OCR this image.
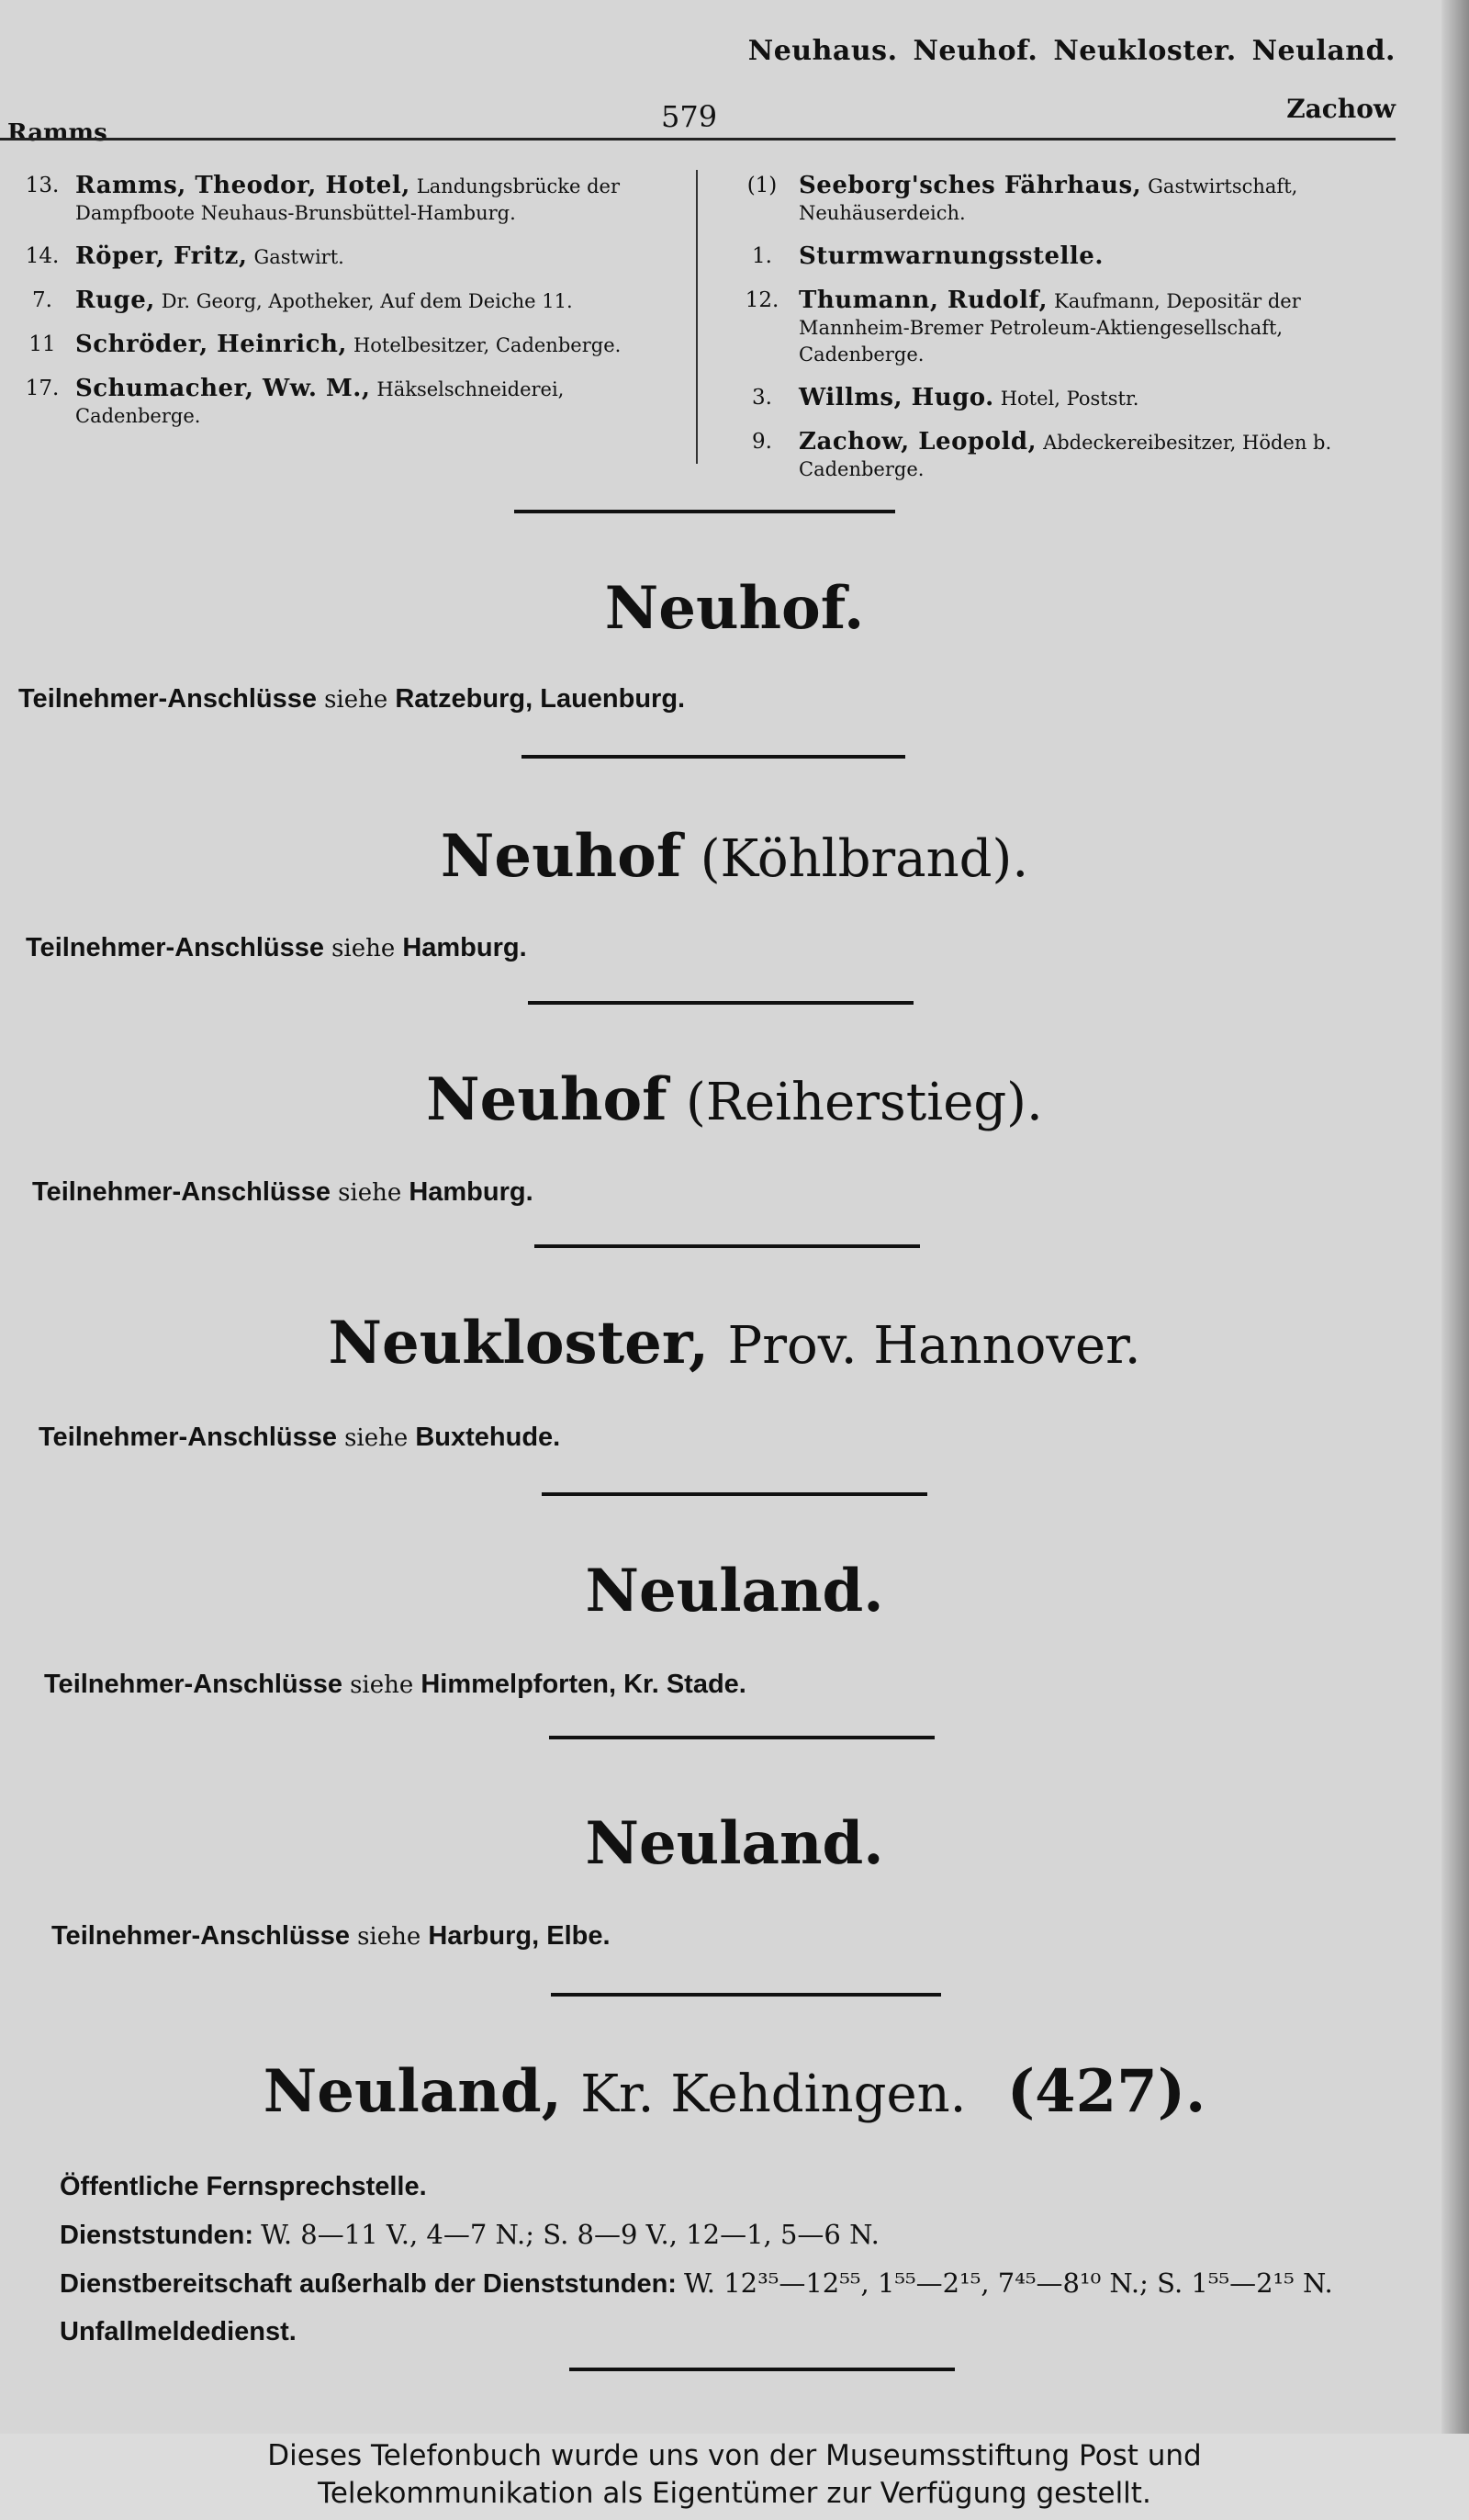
Neuhaus. Neuhof. Neukloster. Neuland.
Ramms	579	Zachow
13. Ramms, Theodor, Hotel, Landungsbrücke der Dampfboote Neuhaus-Brunsbüttel-Hamburg.
14. Röper, Fritz, Gastwirt.
7. Ruge, Dr. Georg, Apotheker, Auf dem Deiche 11.
11 Schröder, Heinrich, Hotelbesitzer, Cadenberge.
17. Schumacher, Ww. M., Häkselschneiderei, Cadenberge.
(1) Seeborg'sches Fährhaus, Gastwirtschaft, Neuhäuserdeich.
1.	Sturmwarnungsstelle.
12. Thumann, Rudolf, Kaufmann, Depositär der Mannheim-Bremer Petroleum-Aktiengesellschaft, Cadenberge.
3.	Willms, Hugo. Hotel, Poststr.
9.	Zachow, Leopold, Abdeckereibesitzer, Höden b. Cadenberge.
Neuhof.
Teilnehmer-Anschlüsse siehe Ratzeburg, Lauenburg.
Neuhof (Köhlbrand).
Teilnehmer-Anschlüsse siehe Hamburg.
Neuhof (Reiherstieg).
Teilnehmer-Anschlüsse siehe Hamburg.
Neukloster, Prov. Hannover.
Teilnehmer-Anschlüsse siehe Buxtehude.
Neuland.
Teilnehmer-Anschlüsse siehe Himmelpforten, Kr. Stade.
Neuland.
Teilnehmer-Anschlüsse siehe Harburg, Elbe.
Neuland, Kr. Kehdingen. (427).
Öffentliche Fernsprechstelle.
Dienststunden: W. 8—11 V., 4—7 N.; S. 8—9 V., 12—1, 5—6 N.
Dienstbereitschaft außerhalb der Dienststunden: W. 12³⁵—12⁵⁵, 1⁵⁵—2¹⁵, 7⁴⁵—8¹⁰ N.; S. 1⁵⁵—2¹⁵ N.
Unfallmeldedienst.
Dieses Telefonbuch wurde uns von der Museumsstiftung Post und
Telekommunikation als Eigentümer zur Verfügung gestellt.
